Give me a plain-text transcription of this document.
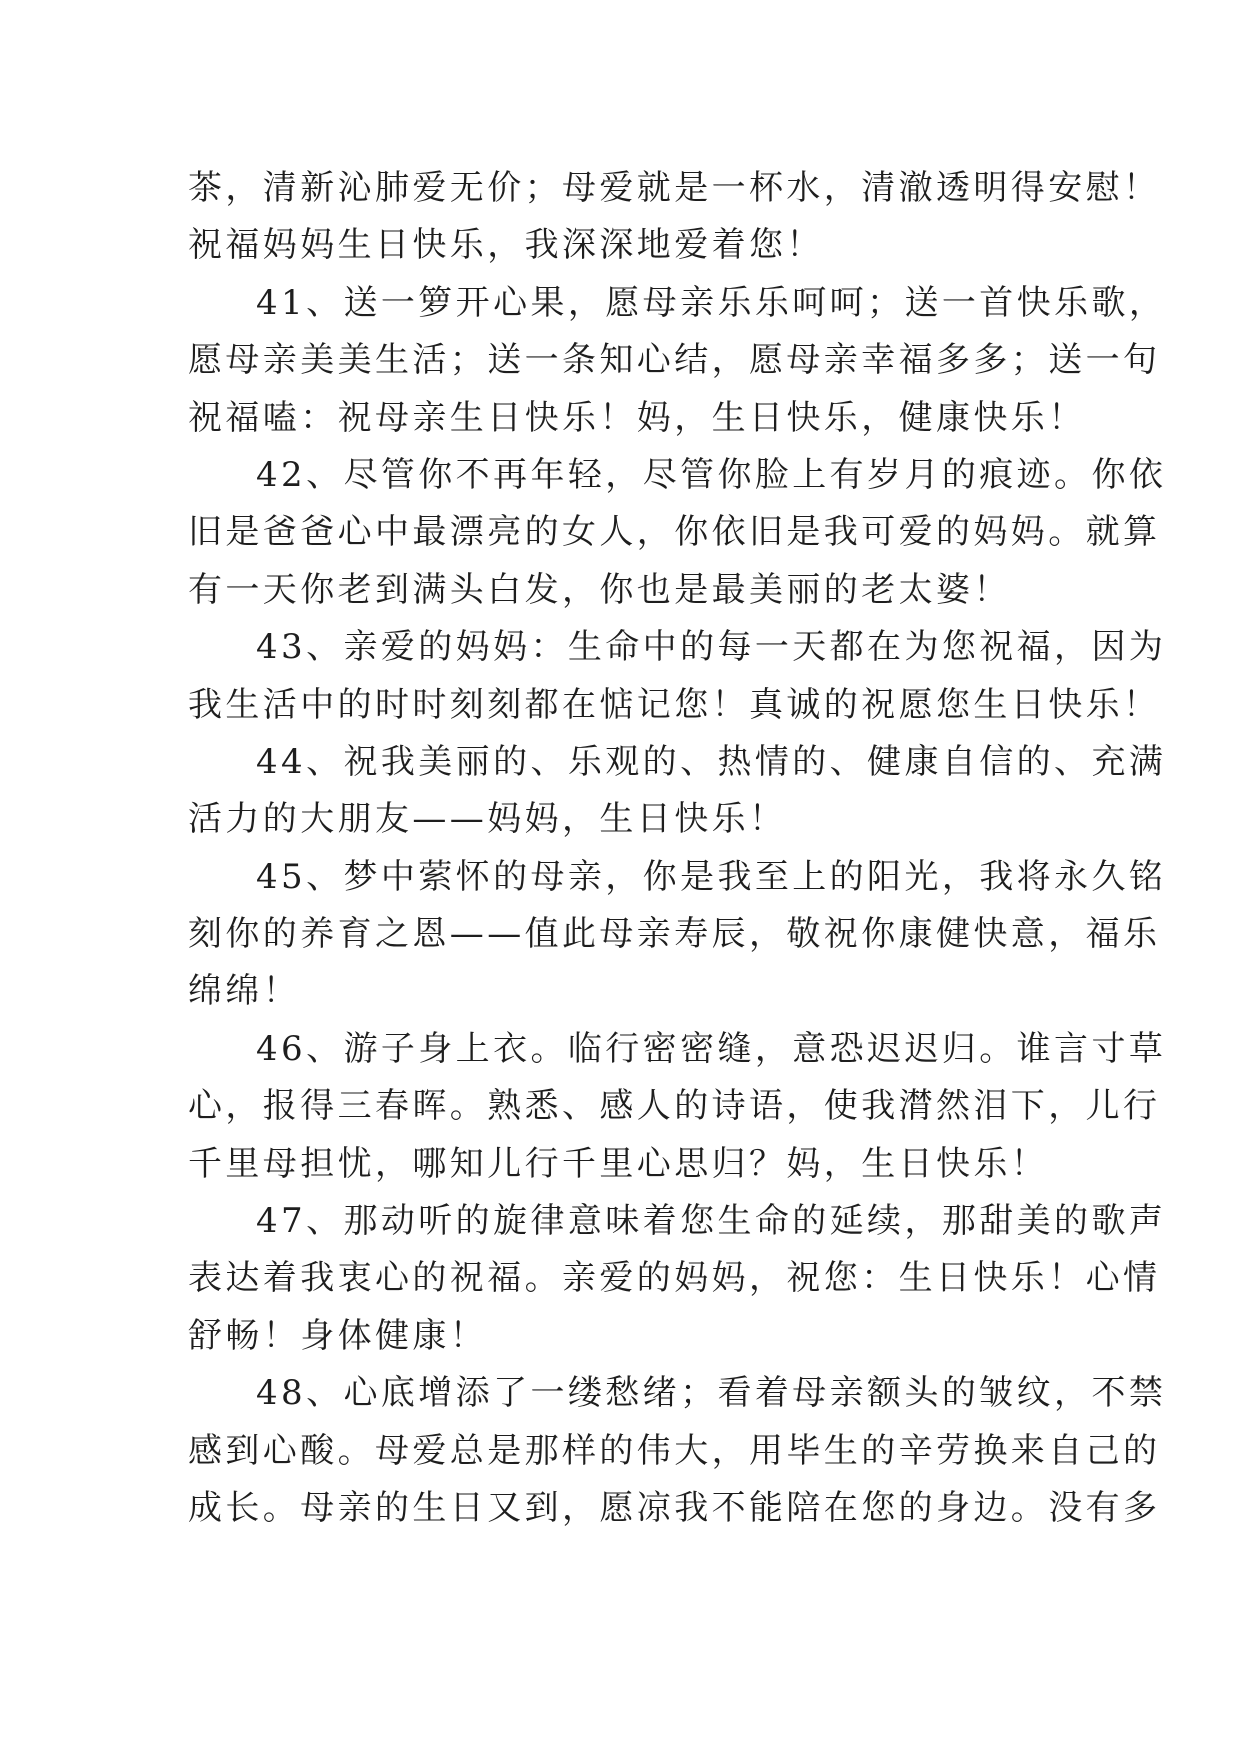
茶，清新沁肺爱无价；母爱就是一杯水，清澈透明得安慰！
祝福妈妈生日快乐，我深深地爱着您！
41、送一箩开心果，愿母亲乐乐呵呵；送一首快乐歌，
愿母亲美美生活；送一条知心结，愿母亲幸福多多；送一句
祝福嗑：祝母亲生日快乐！妈，生日快乐，健康快乐！
42、尽管你不再年轻，尽管你脸上有岁月的痕迹。你依
旧是爸爸心中最漂亮的女人，你依旧是我可爱的妈妈。就算
有一天你老到满头白发，你也是最美丽的老太婆！
43、亲爱的妈妈：生命中的每一天都在为您祝福，因为
我生活中的时时刻刻都在惦记您！真诚的祝愿您生日快乐！
44、祝我美丽的、乐观的、热情的、健康自信的、充满
活力的大朋友——妈妈，生日快乐！
45、梦中萦怀的母亲，你是我至上的阳光，我将永久铭
刻你的养育之恩——值此母亲寿辰，敬祝你康健快意，福乐
绵绵！
46、游子身上衣。临行密密缝，意恐迟迟归。谁言寸草
心，报得三春晖。熟悉、感人的诗语，使我潸然泪下，儿行
千里母担忧，哪知儿行千里心思归？妈，生日快乐！
47、那动听的旋律意味着您生命的延续，那甜美的歌声
表达着我衷心的祝福。亲爱的妈妈，祝您：生日快乐！心情
舒畅！身体健康！
48、心底增添了一缕愁绪；看着母亲额头的皱纹，不禁
感到心酸。母爱总是那样的伟大，用毕生的辛劳换来自己的
成长。母亲的生日又到，愿凉我不能陪在您的身边。没有多
